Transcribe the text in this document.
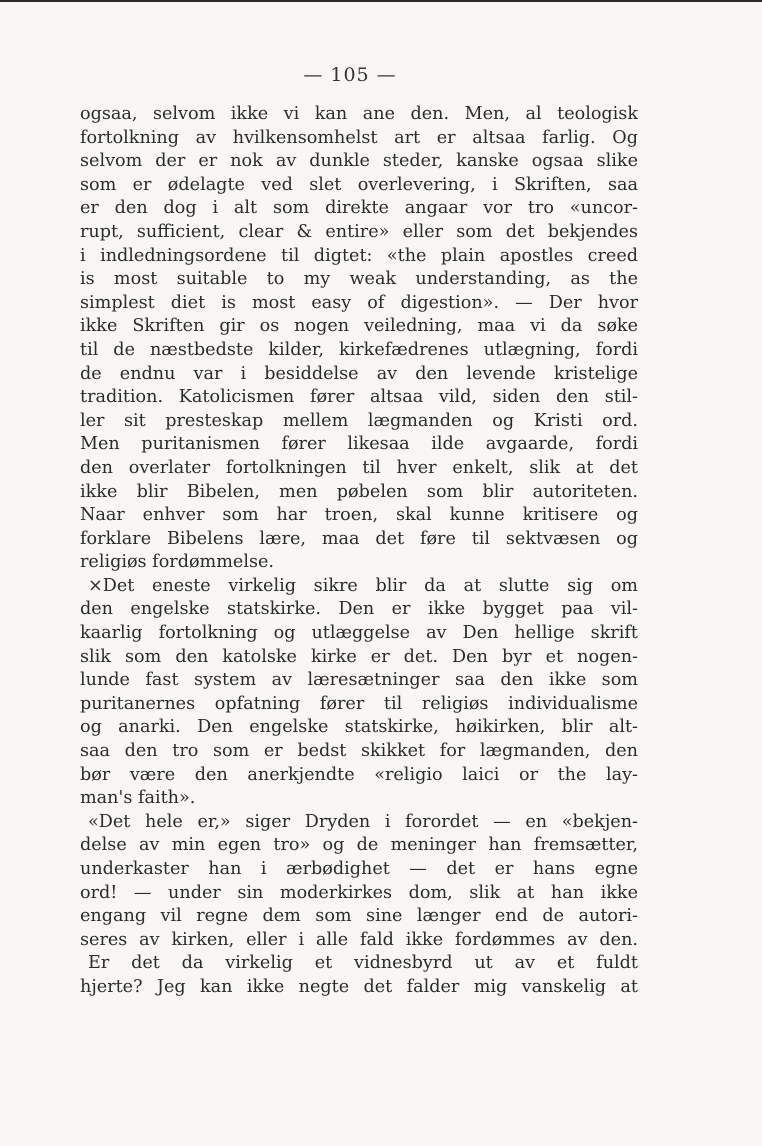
— 105 —
ogsaa, selvom ikke vi kan ane den. Men, al teologisk
fortolkning av hvilkensomhelst art er altsaa farlig. Og
selvom der er nok av dunkle steder, kanske ogsaa slike
som er ødelagte ved slet overlevering, i Skriften, saa
er den dog i alt som direkte angaar vor tro «uncor-
rupt, sufficient, clear & entire» eller som det bekjendes
i indledningsordene til digtet: «the plain apostles creed
is most suitable to my weak understanding, as the
simplest diet is most easy of digestion». — Der hvor
ikke Skriften gir os nogen veiledning, maa vi da søke
til de næstbedste kilder, kirkefædrenes utlægning, fordi
de endnu var i besiddelse av den levende kristelige
tradition. Katolicismen fører altsaa vild, siden den stil-
ler sit presteskap mellem lægmanden og Kristi ord.
Men puritanismen fører likesaa ilde avgaarde, fordi
den overlater fortolkningen til hver enkelt, slik at det
ikke blir Bibelen, men pøbelen som blir autoriteten.
Naar enhver som har troen, skal kunne kritisere og
forklare Bibelens lære, maa det føre til sektvæsen og
religiøs fordømmelse.
×Det eneste virkelig sikre blir da at slutte sig om
den engelske statskirke. Den er ikke bygget paa vil-
kaarlig fortolkning og utlæggelse av Den hellige skrift
slik som den katolske kirke er det. Den byr et nogen-
lunde fast system av læresætninger saa den ikke som
puritanernes opfatning fører til religiøs individualisme
og anarki. Den engelske statskirke, høikirken, blir alt-
saa den tro som er bedst skikket for lægmanden, den
bør være den anerkjendte «religio laici or the lay-
man's faith».
«Det hele er,» siger Dryden i forordet — en «bekjen-
delse av min egen tro» og de meninger han fremsætter,
underkaster han i ærbødighet — det er hans egne
ord! — under sin moderkirkes dom, slik at han ikke
engang vil regne dem som sine længer end de autori-
seres av kirken, eller i alle fald ikke fordømmes av den.
Er det da virkelig et vidnesbyrd ut av et fuldt
hjerte? Jeg kan ikke negte det falder mig vanskelig at
